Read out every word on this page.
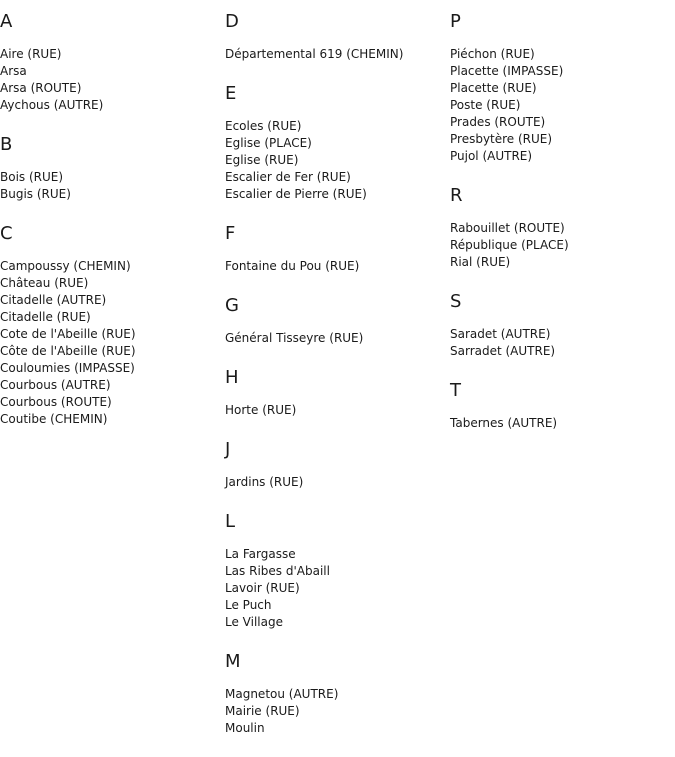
A
Aire (RUE)
Arsa
Arsa (ROUTE)
Aychous (AUTRE)
B
Bois (RUE)
Bugis (RUE)
C
Campoussy (CHEMIN)
Château (RUE)
Citadelle (AUTRE)
Citadelle (RUE)
Cote de l'Abeille (RUE)
Côte de l'Abeille (RUE)
Couloumies (IMPASSE)
Courbous (AUTRE)
Courbous (ROUTE)
Coutibe (CHEMIN)
D
Départemental 619 (CHEMIN)
E
Ecoles (RUE)
Eglise (PLACE)
Eglise (RUE)
Escalier de Fer (RUE)
Escalier de Pierre (RUE)
F
Fontaine du Pou (RUE)
G
Général Tisseyre (RUE)
H
Horte (RUE)
J
Jardins (RUE)
L
La Fargasse
Las Ribes d'Abaill
Lavoir (RUE)
Le Puch
Le Village
M
Magnetou (AUTRE)
Mairie (RUE)
Moulin
P
Piéchon (RUE)
Placette (IMPASSE)
Placette (RUE)
Poste (RUE)
Prades (ROUTE)
Presbytère (RUE)
Pujol (AUTRE)
R
Rabouillet (ROUTE)
République (PLACE)
Rial (RUE)
S
Saradet (AUTRE)
Sarradet (AUTRE)
T
Tabernes (AUTRE)
